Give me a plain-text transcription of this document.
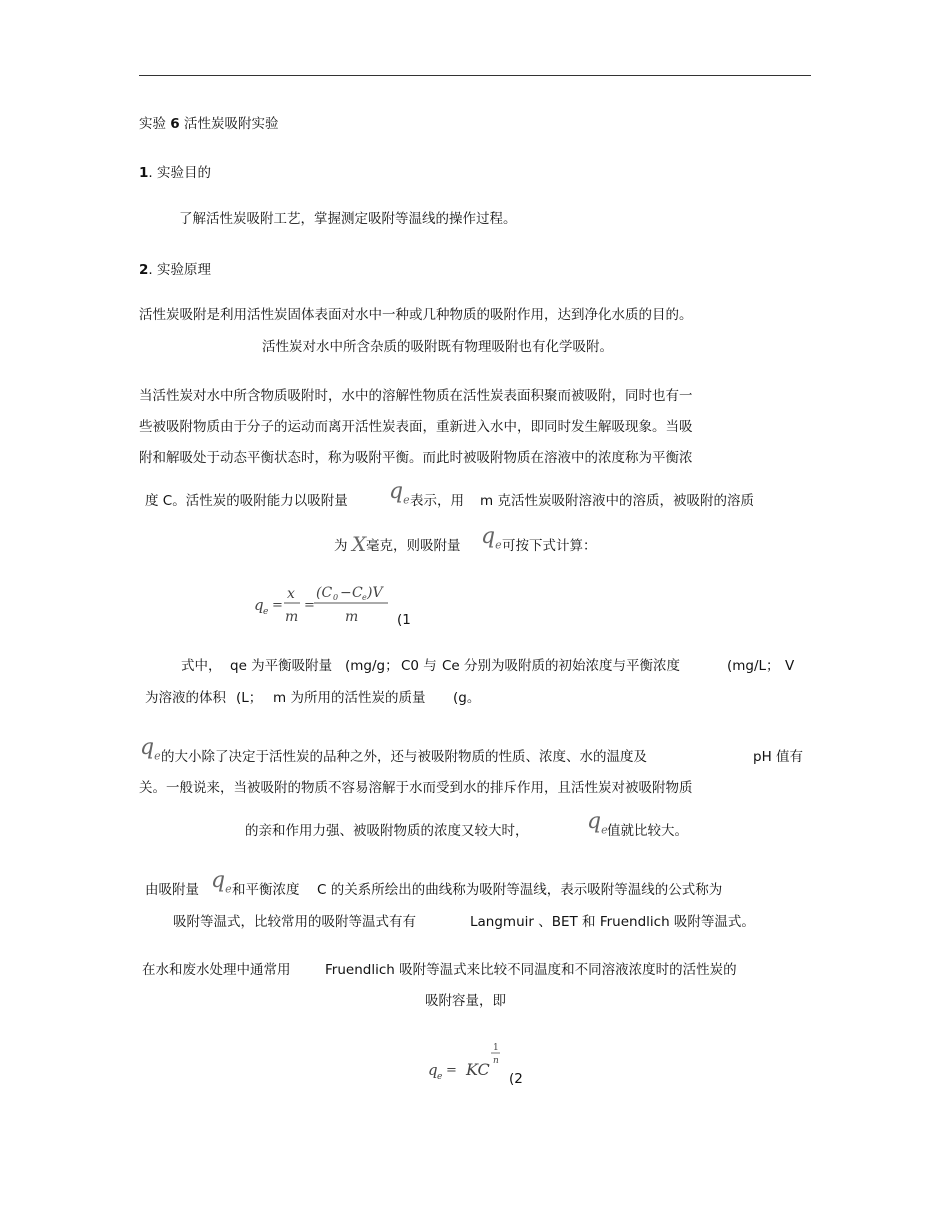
实验 6 活性炭吸附实验
1. 实验目的
了解活性炭吸附工艺，掌握测定吸附等温线的操作过程。
2. 实验原理
活性炭吸附是利用活性炭固体表面对水中一种或几种物质的吸附作用，达到净化水质的目的。
活性炭对水中所含杂质的吸附既有物理吸附也有化学吸附。
当活性炭对水中所含物质吸附时，水中的溶解性物质在活性炭表面积聚而被吸附，同时也有一
些被吸附物质由于分子的运动而离开活性炭表面，重新进入水中，即同时发生解吸现象。当吸
附和解吸处于动态平衡状态时，称为吸附平衡。而此时被吸附物质在溶液中的浓度称为平衡浓
度 C。活性炭的吸附能力以吸附量 $q_e$ 表示，用 m 克活性炭吸附溶液中的溶质，被吸附的溶质
为 X 毫克，则吸附量 $q_e$ 可按下式计算：
q e =
x
m
=
(C 0 − C e )V
m	(1
式中， qe 为平衡吸附量 (mg/g； C0 与 Ce 分别为吸附质的初始浓度与平衡浓度	(mg/L； V
为溶液的体积 (L； m 为所用的活性炭的质量 (g。
$q_e$ 的大小除了决定于活性炭的品种之外，还与被吸附物质的性质、浓度、水的温度及	pH 值有
关。一般说来，当被吸附的物质不容易溶解于水而受到水的排斥作用，且活性炭对被吸附物质
的亲和作用力强、被吸附物质的浓度又较大时，	$q_e$ 值就比较大。
由吸附量 $q_e$ 和平衡浓度 C 的关系所绘出的曲线称为吸附等温线，表示吸附等温线的公式称为
吸附等温式，比较常用的吸附等温式有有	Langmuir 、BET 和 Fruendlich 吸附等温式。
在水和废水处理中通常用	Fruendlich 吸附等温式来比较不同温度和不同溶液浓度时的活性炭的
吸附容量，即
q e = KC
1
n
(2
